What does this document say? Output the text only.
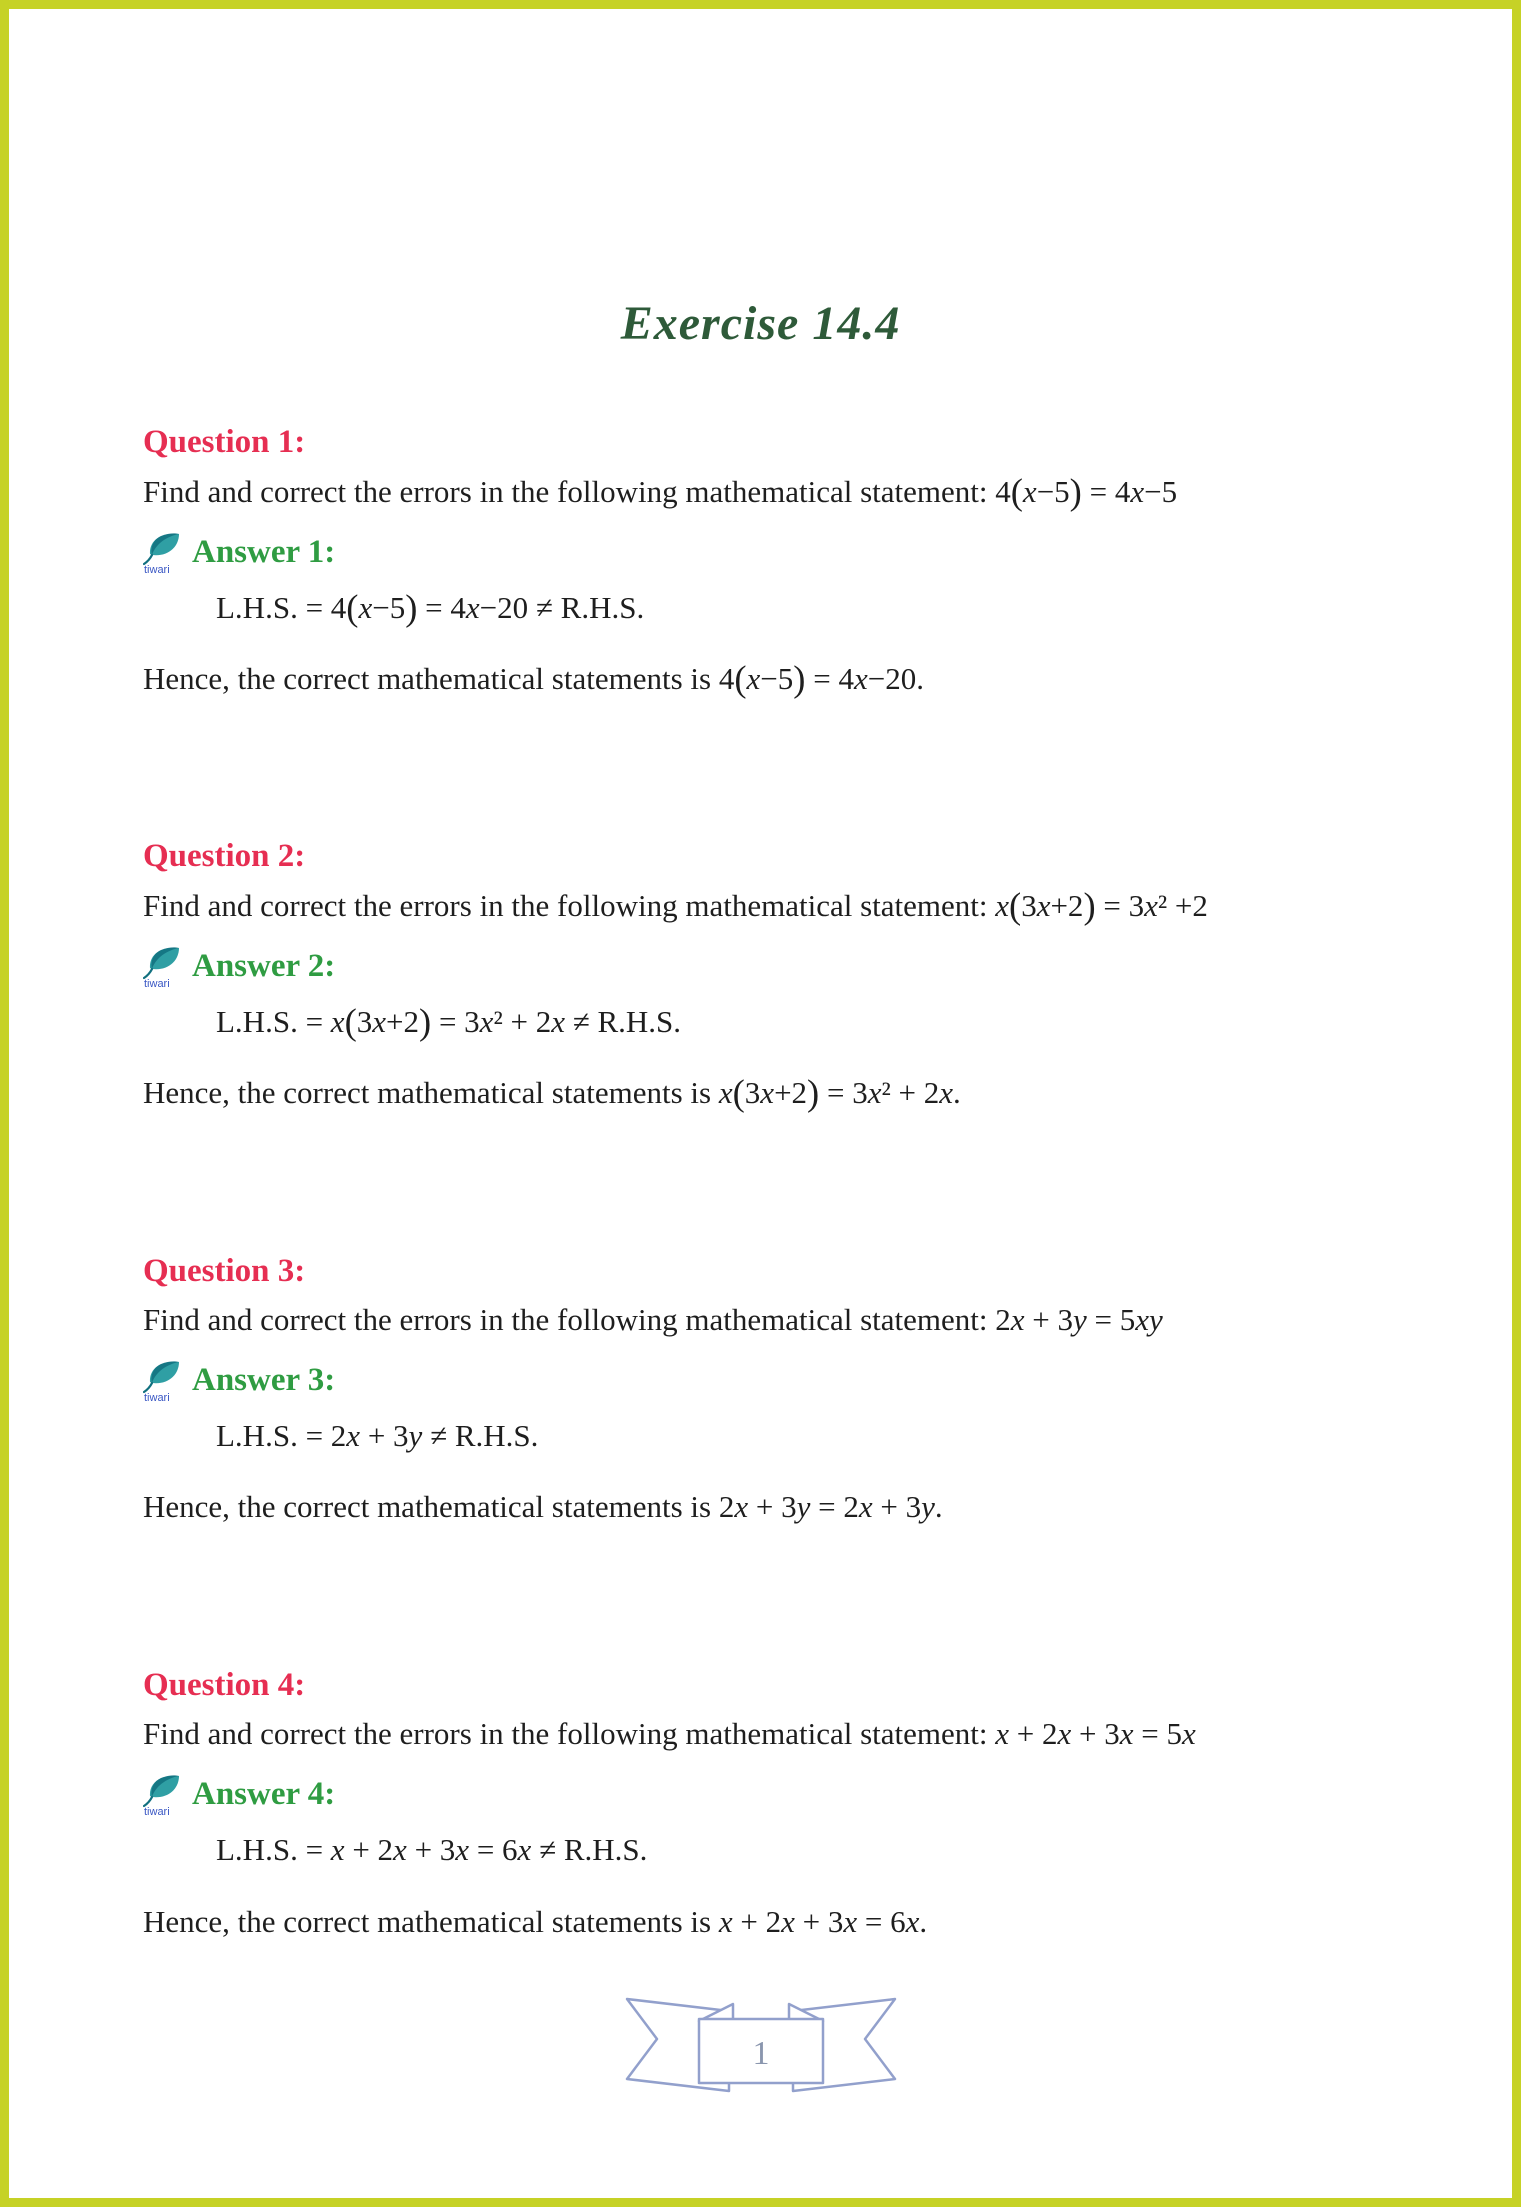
Exercise 14.4
Question 1:

Find and correct the errors in the following mathematical statement: 4(x−5) = 4x−5

tiwari
Answer 1:

L.H.S. = 4(x−5) = 4x−20 ≠ R.H.S.

Hence, the correct mathematical statements is 4(x−5) = 4x−20.

Question 2:

Find and correct the errors in the following mathematical statement: x(3x+2) = 3x² +2

tiwari
Answer 2:

L.H.S. = x(3x+2) = 3x² + 2x ≠ R.H.S.

Hence, the correct mathematical statements is x(3x+2) = 3x² + 2x.

Question 3:

Find and correct the errors in the following mathematical statement: 2x + 3y = 5xy

tiwari
Answer 3:

L.H.S. = 2x + 3y ≠ R.H.S.

Hence, the correct mathematical statements is 2x + 3y = 2x + 3y.

Question 4:

Find and correct the errors in the following mathematical statement: x + 2x + 3x = 5x

tiwari
Answer 4:

L.H.S. = x + 2x + 3x = 6x ≠ R.H.S.

Hence, the correct mathematical statements is x + 2x + 3x = 6x.

1
